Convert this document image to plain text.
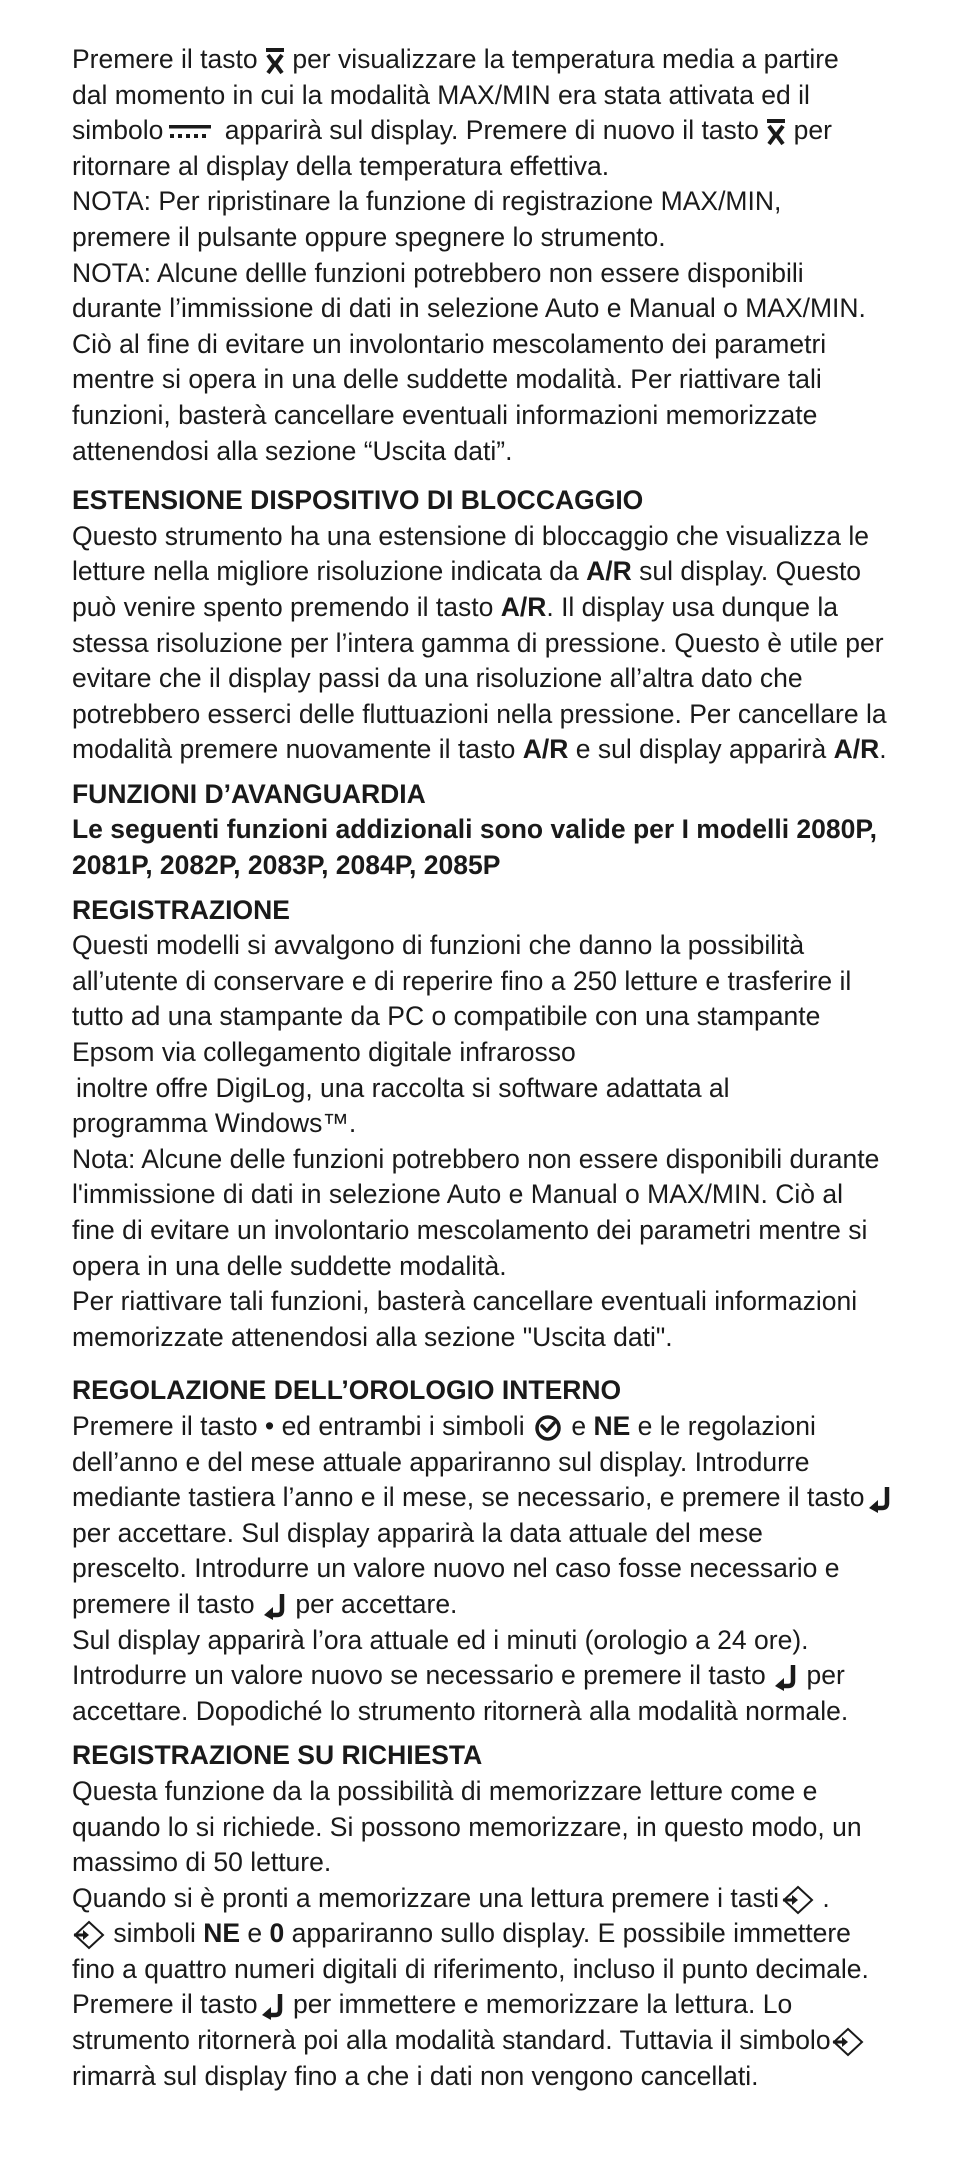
Premere il tasto per visualizzare la temperatura media a partire
dal momento in cui la modalità MAX/MIN era stata attivata ed il
simbolo apparirà sul display. Premere di nuovo il tasto per
ritornare al display della temperatura effettiva.
NOTA: Per ripristinare la funzione di registrazione MAX/MIN,
premere il pulsante oppure spegnere lo strumento.
NOTA: Alcune dellle funzioni potrebbero non essere disponibili
durante l’immissione di dati in selezione Auto e Manual o MAX/MIN.
Ciò al fine di evitare un involontario mescolamento dei parametri
mentre si opera in una delle suddette modalità. Per riattivare tali
funzioni, basterà cancellare eventuali informazioni memorizzate
attenendosi alla sezione “Uscita dati”.
ESTENSIONE DISPOSITIVO DI BLOCCAGGIO
Questo strumento ha una estensione di bloccaggio che visualizza le
letture nella migliore risoluzione indicata da A/R sul display. Questo
può venire spento premendo il tasto A/R. Il display usa dunque la
stessa risoluzione per l’intera gamma di pressione. Questo è utile per
evitare che il display passi da una risoluzione all’altra dato che
potrebbero esserci delle fluttuazioni nella pressione. Per cancellare la
modalità premere nuovamente il tasto A/R e sul display apparirà A/R.
FUNZIONI D’AVANGUARDIA
Le seguenti funzioni addizionali sono valide per I modelli 2080P,
2081P, 2082P, 2083P, 2084P, 2085P
REGISTRAZIONE
Questi modelli si avvalgono di funzioni che danno la possibilità
all’utente di conservare e di reperire fino a 250 letture e trasferire il
tutto ad una stampante da PC o compatibile con una stampante
Epsom via collegamento digitale infrarosso
inoltre offre DigiLog, una raccolta si software adattata al
programma Windows™.
Nota: Alcune delle funzioni potrebbero non essere disponibili durante
l'immissione di dati in selezione Auto e Manual o MAX/MIN. Ciò al
fine di evitare un involontario mescolamento dei parametri mentre si
opera in una delle suddette modalità.
Per riattivare tali funzioni, basterà cancellare eventuali informazioni
memorizzate attenendosi alla sezione "Uscita dati".
REGOLAZIONE DELL’OROLOGIO INTERNO
Premere il tasto • ed entrambi i simboli e NE e le regolazioni
dell’anno e del mese attuale appariranno sul display. Introdurre
mediante tastiera l’anno e il mese, se necessario, e premere il tasto
per accettare. Sul display apparirà la data attuale del mese
prescelto. Introdurre un valore nuovo nel caso fosse necessario e
premere il tasto per accettare.
Sul display apparirà l’ora attuale ed i minuti (orologio a 24 ore).
Introdurre un valore nuovo se necessario e premere il tasto per
accettare. Dopodiché lo strumento ritornerà alla modalità normale.
REGISTRAZIONE SU RICHIESTA
Questa funzione da la possibilità di memorizzare letture come e
quando lo si richiede. Si possono memorizzare, in questo modo, un
massimo di 50 letture.
Quando si è pronti a memorizzare una lettura premere i tasti .
simboli NE e 0 appariranno sullo display. E possibile immettere
fino a quattro numeri digitali di riferimento, incluso il punto decimale.
Premere il tasto per immettere e memorizzare la lettura. Lo
strumento ritornerà poi alla modalità standard. Tuttavia il simbolo
rimarrà sul display fino a che i dati non vengono cancellati.
